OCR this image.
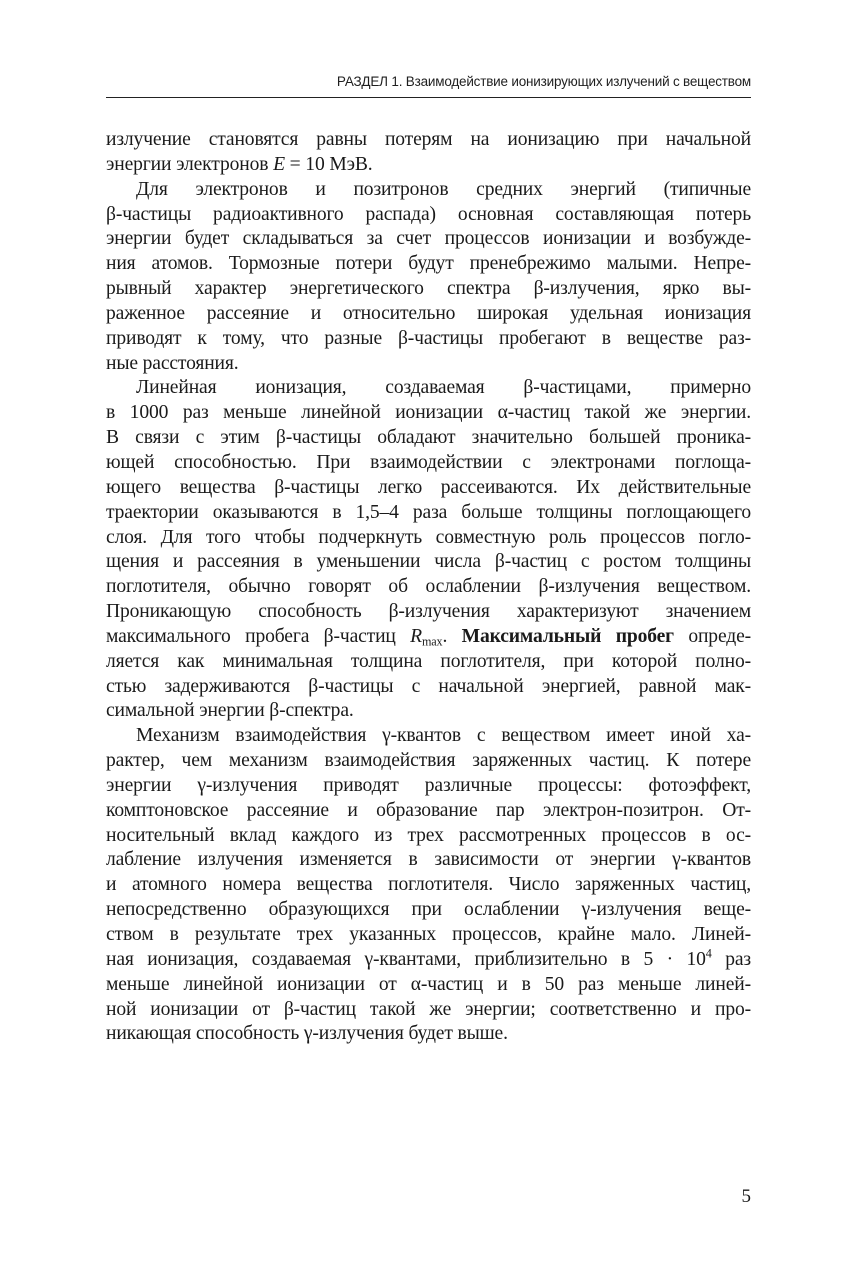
РАЗДЕЛ 1. Взаимодействие ионизирующих излучений с веществом
излучение становятся равны потерям на ионизацию при начальной
энергии электронов E = 10 МэВ.
Для электронов и позитронов средних энергий (типичные
β-частицы радиоактивного распада) основная составляющая потерь
энергии будет складываться за счет процессов ионизации и возбужде-
ния атомов. Тормозные потери будут пренебрежимо малыми. Непре-
рывный характер энергетического спектра β-излучения, ярко вы-
раженное рассеяние и относительно широкая удельная ионизация
приводят к тому, что разные β-частицы пробегают в веществе раз-
ные расстояния.
Линейная ионизация, создаваемая β-частицами, примерно
в 1000 раз меньше линейной ионизации α-частиц такой же энергии.
В связи с этим β-частицы обладают значительно большей проника-
ющей способностью. При взаимодействии с электронами поглоща-
ющего вещества β-частицы легко рассеиваются. Их действительные
траектории оказываются в 1,5–4 раза больше толщины поглощающего
слоя. Для того чтобы подчеркнуть совместную роль процессов погло-
щения и рассеяния в уменьшении числа β-частиц с ростом толщины
поглотителя, обычно говорят об ослаблении β-излучения веществом.
Проникающую способность β-излучения характеризуют значением
максимального пробега β-частиц $R_{max}$. Максимальный пробег опреде-
ляется как минимальная толщина поглотителя, при которой полно-
стью задерживаются β-частицы с начальной энергией, равной мак-
симальной энергии β-спектра.
Механизм взаимодействия γ-квантов с веществом имеет иной ха-
рактер, чем механизм взаимодействия заряженных частиц. К потере
энергии γ-излучения приводят различные процессы: фотоэффект,
комптоновское рассеяние и образование пар электрон-позитрон. От-
носительный вклад каждого из трех рассмотренных процессов в ос-
лабление излучения изменяется в зависимости от энергии γ-квантов
и атомного номера вещества поглотителя. Число заряженных частиц,
непосредственно образующихся при ослаблении γ-излучения веще-
ством в результате трех указанных процессов, крайне мало. Линей-
ная ионизация, создаваемая γ-квантами, приблизительно в $5 \cdot 10^4$ раз
меньше линейной ионизации от α-частиц и в 50 раз меньше линей-
ной ионизации от β-частиц такой же энергии; соответственно и про-
никающая способность γ-излучения будет выше.
5
